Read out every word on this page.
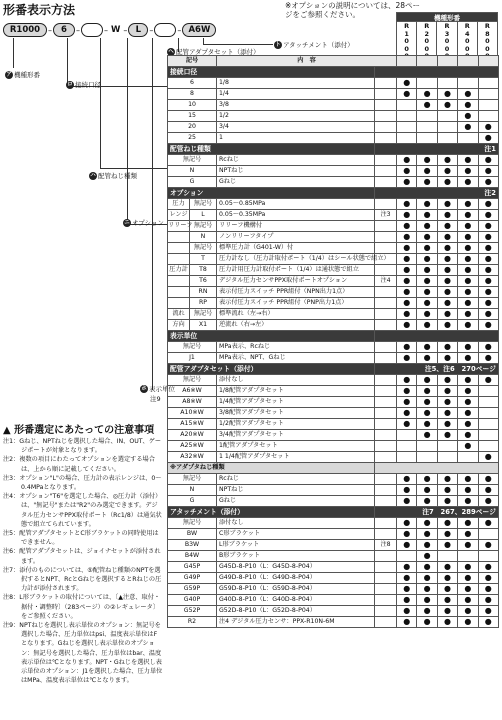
形番表示方法	※オプションの説明については、28ページをご参照ください。
R1000 –	6	–	– W – L	–	– A6W
ア 機種形番
ロ 接続口径
ハ 配管ねじ種類
ニ オプション
ホ 表示単位
注9
ヘ 配管アダプタセット（添付）
ト アタッチメント（添付）
機種形番
R
1
0
0

R
2
0
0

R
3
0
0

R
4
0
0

R
8
0
0

記号		内　容						
接続口径								
6		1/8		●				
8		1/4		●	●	●	●	
10		3/8			●	●	●	
15		1/2					●	
20		3/4					●	●
25		1						●
配管ねじ種類			注1					
無記号		Rcねじ		●	●	●	●	●
N		NPTねじ		●	●	●	●	●
G		Gねじ		●	●	●	●	●
オプション			注2					
圧力	無記号	0.05〜0.85MPa		●	●	●	●	●
レンジ	L	0.05〜0.35MPa	注3	●	●	●	●	●
リリーフ	無記号	リリーフ機構付		●	●	●	●	●
	N	ノンリリーフタイプ		●	●	●	●	●
	無記号	標準圧力計（G401-W）付		●	●	●	●	●
	T	圧力計なし（圧力計取付ポート（1/4）はシール状態で組立）		●	●	●	●	●
圧力計	T8	圧力計用圧力計取付ポート（1/4）は通状態で組立		●	●	●	●	●
	T6	デジタル圧力センサPPX取付ポートオプション	注4	●	●	●	●	●
	RN	表示付圧力スイッチ PPR組付（NPN出力1点）		●	●	●	●	●
	RP	表示付圧力スイッチ PPR組付（PNP出力1点）		●	●	●	●	●
流れ	無記号	標準流れ（左→右）		●	●	●	●	●
方向	X1	逆流れ（右→左）		●	●	●	●	●
表示単位								
無記号		MPa表示、Rcねじ		●	●	●	●	●
J1		MPa表示、NPT、Gねじ		●	●	●	●	●
配管アダプタセット（添付）			注5、注6　270ページ					
無記号		添付なし		●	●	●	●	●
A6※W		1/8配管アダプタセット		●	●	●	●	
A8※W		1/4配管アダプタセット		●	●	●	●	
A10※W		3/8配管アダプタセット		●	●	●	●	
A15※W		1/2配管アダプタセット		●	●	●	●	
A20※W		3/4配管アダプタセット			●	●	●	
A25※W		1配管アダプタセット					●	
A32※W		1 1/4配管アダプタセット						●
※アダプタねじ種類								
無記号		Rcねじ		●	●	●	●	●
N		NPTねじ		●	●	●	●	●
G		Gねじ		●	●	●	●	●
アタッチメント（添付）			注7　267、289ページ					
無記号		添付なし		●	●	●	●	●
BW		C形ブラケット		●	●	●	●	
B3W		L形ブラケット	注8	●	●	●	●	●
B4W		B形ブラケット			●			
G45P		G45D-8-P10（L：G45D-8-P04）		●	●	●	●	●
G49P		G49D-8-P10（L：G49D-8-P04）		●	●	●	●	●
G59P		G59D-8-P10（L：G59D-8-P04）		●	●	●	●	●
G40P		G40D-8-P10（L：G40D-8-P04）		●	●	●	●	●
G52P		G52D-8-P10（L：G52D-8-P04）		●	●	●	●	●
R2		注4 デジタル圧力センサ：PPX-R10N-6M		●	●	●	●	●
▲ 形番選定にあたっての注意事項
注1：Gねじ、NPTねじを選択した場合、IN、OUT、ゲージポートが対象となります。
注2：複数の項目にわたってオプションを選定する場合は、上から順に記載してください。
注3：オプション"L"の場合、圧力計の表示レンジは、0〜0.4MPaとなります。
注4：オプション"T6"を選定した場合、◎圧力計（添付）は、"無記号"または"R2"のみ選定できます。デジタル圧力センサPPX取付ポート（Rc1/8）は通気状態で組立てられています。
注5：配管アダプタセットとC形ブラケットの同時使用はできません。
注6：配管アダプタセットは、ジョイナセットが添付されます。
注7：添付のものについては、⑤配管ねじ種類のNPTを選択するとNPT、RcとGねじを選択するとRねじの圧力計が添付されます。
注8：L形ブラケットの取付については、〔▲注意、取付・据付・調整時〕（283ページ）の②レギュレータ〕をご参照ください。
注9：NPTねじを選択し表示単位のオプション：無記号を選択した場合、圧力単位はpsi、温度表示単位はFとなります。Gねじを選択し表示単位のオプション：無記号を選択した場合、圧力単位はbar、温度表示単位は℃となります。NPT・Gねじを選択し表示単位のオプション：J1を選択した場合、圧力単位はMPa、温度表示単位は℃となります。
